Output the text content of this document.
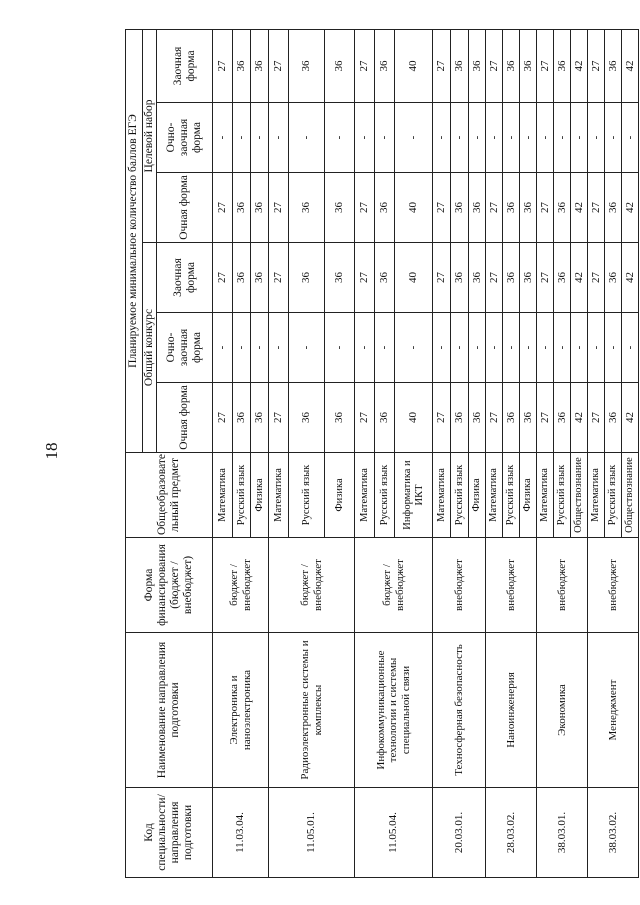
18
Код специальности/ направления подготовки	Наименование направления подготовки	Форма финансирования (бюджет / внебюджет)	Общеобразовате льный предмет	Планируемое минимальное количество баллов ЕГЭ					
				Общий конкурс			Целевой набор		
				Очная форма	Очно-заочная форма	Заочная форма	Очная форма	Очно-заочная форма	Заочная форма
11.03.04.	Электроника и наноэлектроника	бюджет / внебюджет	Математика	27	-	27	27	-	27
			Русский язык	36	-	36	36	-	36
			Физика	36	-	36	36	-	36
11.05.01.	Радиоэлектронные системы и комплексы	бюджет / внебюджет	Математика	27	-	27	27	-	27
			Русский язык	36	-	36	36	-	36
			Физика	36	-	36	36	-	36
11.05.04.	Инфокоммуникационные технологии и системы специальной связи	бюджет / внебюджет	Математика	27	-	27	27	-	27
			Русский язык	36	-	36	36	-	36
			Информатика и ИКТ	40	-	40	40	-	40
20.03.01.	Техносферная безопасность	внебюджет	Математика	27	-	27	27	-	27
			Русский язык	36	-	36	36	-	36
			Физика	36	-	36	36	-	36
28.03.02.	Наноинженерия	внебюджет	Математика	27	-	27	27	-	27
			Русский язык	36	-	36	36	-	36
			Физика	36	-	36	36	-	36
38.03.01.	Экономика	внебюджет	Математика	27	-	27	27	-	27
			Русский язык	36	-	36	36	-	36
			Обществознание	42	-	42	42	-	42
38.03.02.	Менеджмент	внебюджет	Математика	27	-	27	27	-	27
			Русский язык	36	-	36	36	-	36
			Обществознание	42	-	42	42	-	42
